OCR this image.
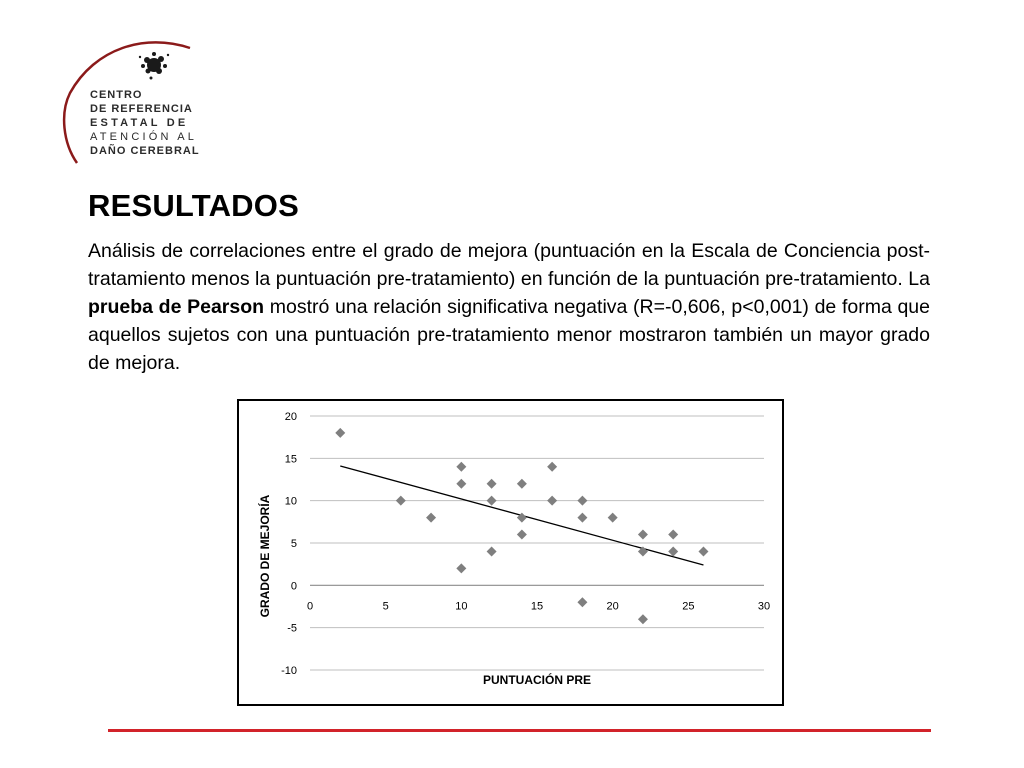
CENTRO
DE REFERENCIA
ESTATAL DE
ATENCIÓN AL
DAÑO CEREBRAL
RESULTADOS

Análisis de correlaciones entre el grado de mejora (puntuación en la Escala de Conciencia post-tratamiento menos la puntuación pre-tratamiento) en función de la puntuación pre-tratamiento. La prueba de Pearson mostró una relación significativa negativa (R=-0,606, p<0,001) de forma que aquellos sujetos con una puntuación pre-tratamiento menor mostraron también un mayor grado de mejora.

20
15
10
5
0
-5
-10
0	5	10	15	20	25	30
PUNTUACIÓN PRE
GRADO DE MEJORÍA
